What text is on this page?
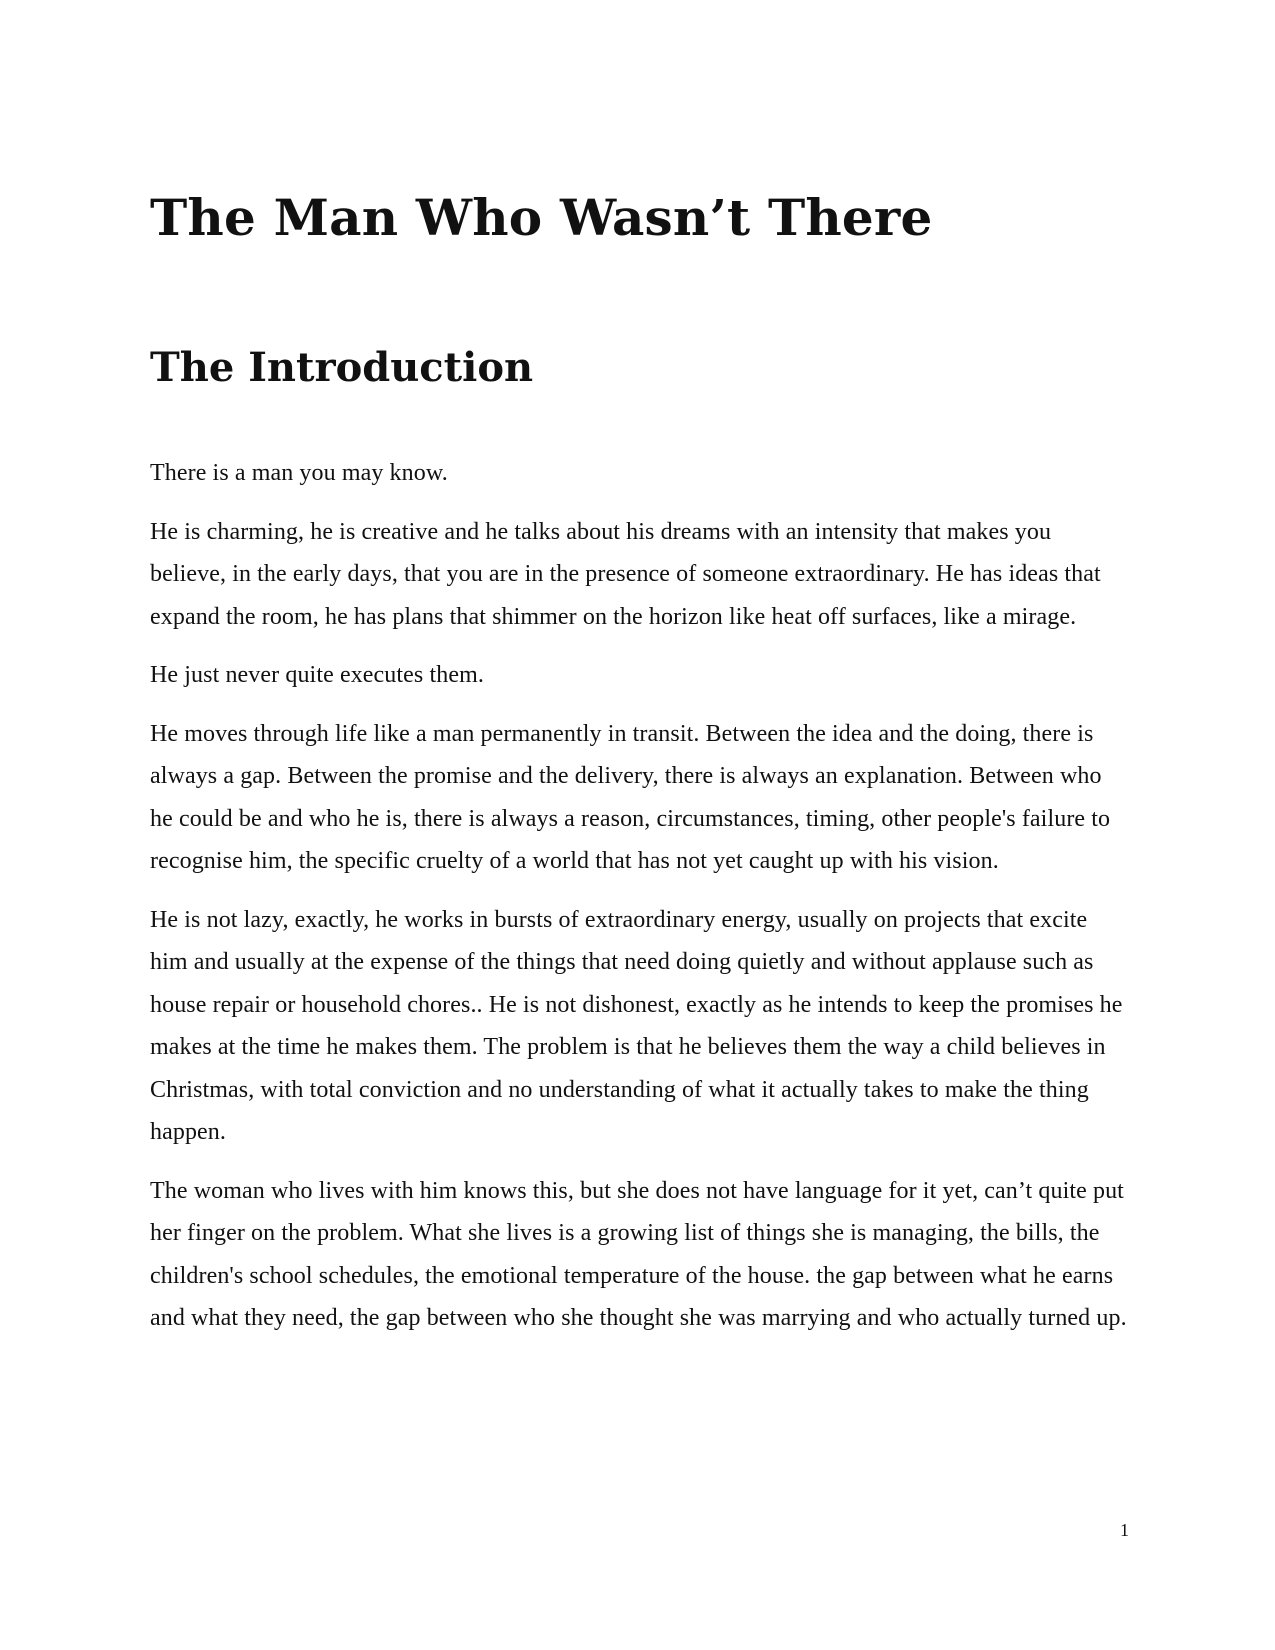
The Man Who Wasn’t There
The Introduction

There is a man you may know.

He is charming, he is creative and he talks about his dreams with an intensity that makes you believe, in the early days, that you are in the presence of someone extraordinary. He has ideas that expand the room, he has plans that shimmer on the horizon like heat off surfaces, like a mirage.

He just never quite executes them.

He moves through life like a man permanently in transit. Between the idea and the doing, there is always a gap. Between the promise and the delivery, there is always an explanation. Between who he could be and who he is, there is always a reason, circumstances, timing, other people's failure to recognise him, the specific cruelty of a world that has not yet caught up with his vision.

He is not lazy, exactly, he works in bursts of extraordinary energy, usually on projects that excite him and usually at the expense of the things that need doing quietly and without applause such as house repair or household chores.. He is not dishonest, exactly as he intends to keep the promises he makes at the time he makes them. The problem is that he believes them the way a child believes in Christmas, with total conviction and no understanding of what it actually takes to make the thing happen.

The woman who lives with him knows this, but she does not have language for it yet, can’t quite put her finger on the problem. What she lives is a growing list of things she is managing, the bills, the children's school schedules, the emotional temperature of the house. the gap between what he earns and what they need, the gap between who she thought she was marrying and who actually turned up.

1
